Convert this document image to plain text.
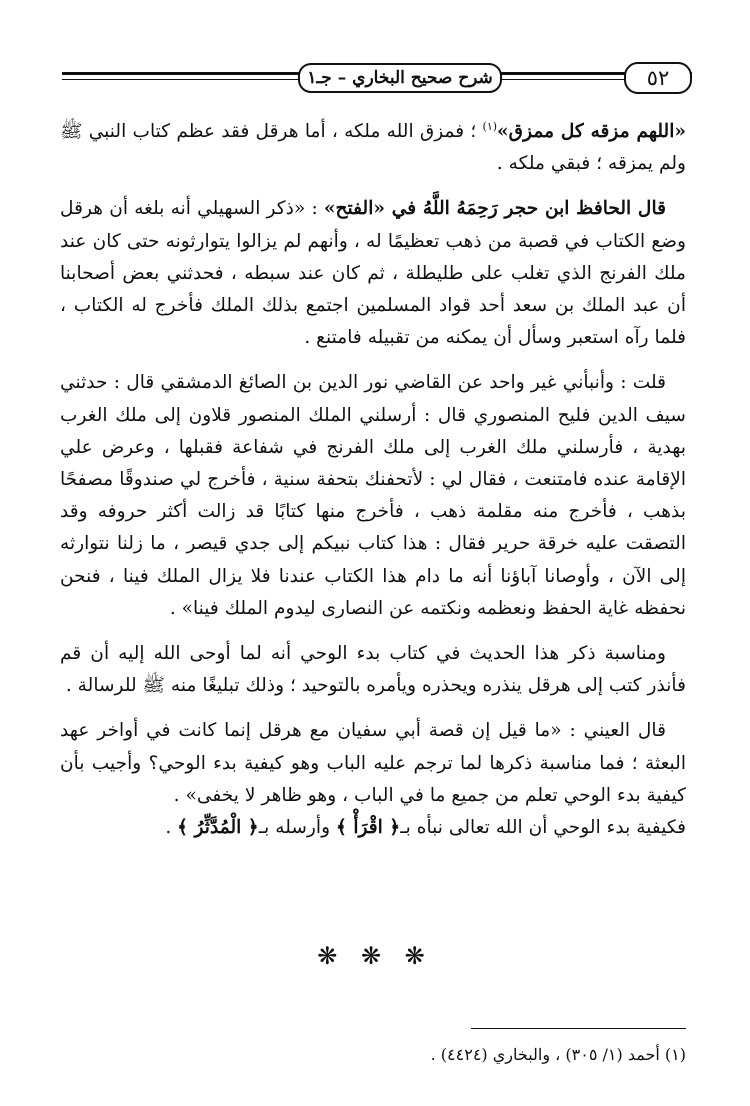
٥٢
شرح صحيح البخاري – جـ١

«اللهم مزقه كل ممزق»$^{(١)}$ ؛ فمزق الله ملكه ، أما هرقل فقد عظم كتاب النبي ﷺ ولم يمزقه ؛ فبقي ملكه .

قال الحافظ ابن حجر رَحِمَهُ اللَّهُ في «الفتح» : «ذكر السهيلي أنه بلغه أن هرقل وضع الكتاب في قصبة من ذهب تعظيمًا له ، وأنهم لم يزالوا يتوارثونه حتى كان عند ملك الفرنج الذي تغلب على طليطلة ، ثم كان عند سبطه ، فحدثني بعض أصحابنا أن عبد الملك بن سعد أحد قواد المسلمين اجتمع بذلك الملك فأخرج له الكتاب ، فلما رآه استعبر وسأل أن يمكنه من تقبيله فامتنع .

قلت : وأنبأني غير واحد عن القاضي نور الدين بن الصائغ الدمشقي قال : حدثني سيف الدين فليح المنصوري قال : أرسلني الملك المنصور قلاون إلى ملك الغرب بهدية ، فأرسلني ملك الغرب إلى ملك الفرنج في شفاعة فقبلها ، وعرض علي الإقامة عنده فامتنعت ، فقال لي : لأتحفنك بتحفة سنية ، فأخرج لي صندوقًا مصفحًا بذهب ، فأخرج منه مقلمة ذهب ، فأخرج منها كتابًا قد زالت أكثر حروفه وقد التصقت عليه خرقة حرير فقال : هذا كتاب نبيكم إلى جدي قيصر ، ما زلنا نتوارثه إلى الآن ، وأوصانا آباؤنا أنه ما دام هذا الكتاب عندنا فلا يزال الملك فينا ، فنحن نحفظه غاية الحفظ ونعظمه ونكتمه عن النصارى ليدوم الملك فينا» .

ومناسبة ذكر هذا الحديث في كتاب بدء الوحي أنه لما أوحى الله إليه أن قم فأنذر كتب إلى هرقل ينذره ويحذره ويأمره بالتوحيد ؛ وذلك تبليغًا منه ﷺ للرسالة .

قال العيني : «ما قيل إن قصة أبي سفيان مع هرقل إنما كانت في أواخر عهد البعثة ؛ فما مناسبة ذكرها لما ترجم عليه الباب وهو كيفية بدء الوحي؟ وأجيب بأن كيفية بدء الوحي تعلم من جميع ما في الباب ، وهو ظاهر لا يخفى» .

فكيفية بدء الوحي أن الله تعالى نبأه بـ﴿ اقْرَأْ ﴾ وأرسله بـ﴿ الْمُدَّثِّرُ ﴾ .

❋ ❋ ❋
(١) أحمد (١/ ٣٠٥) ، والبخاري (٤٤٢٤) .
